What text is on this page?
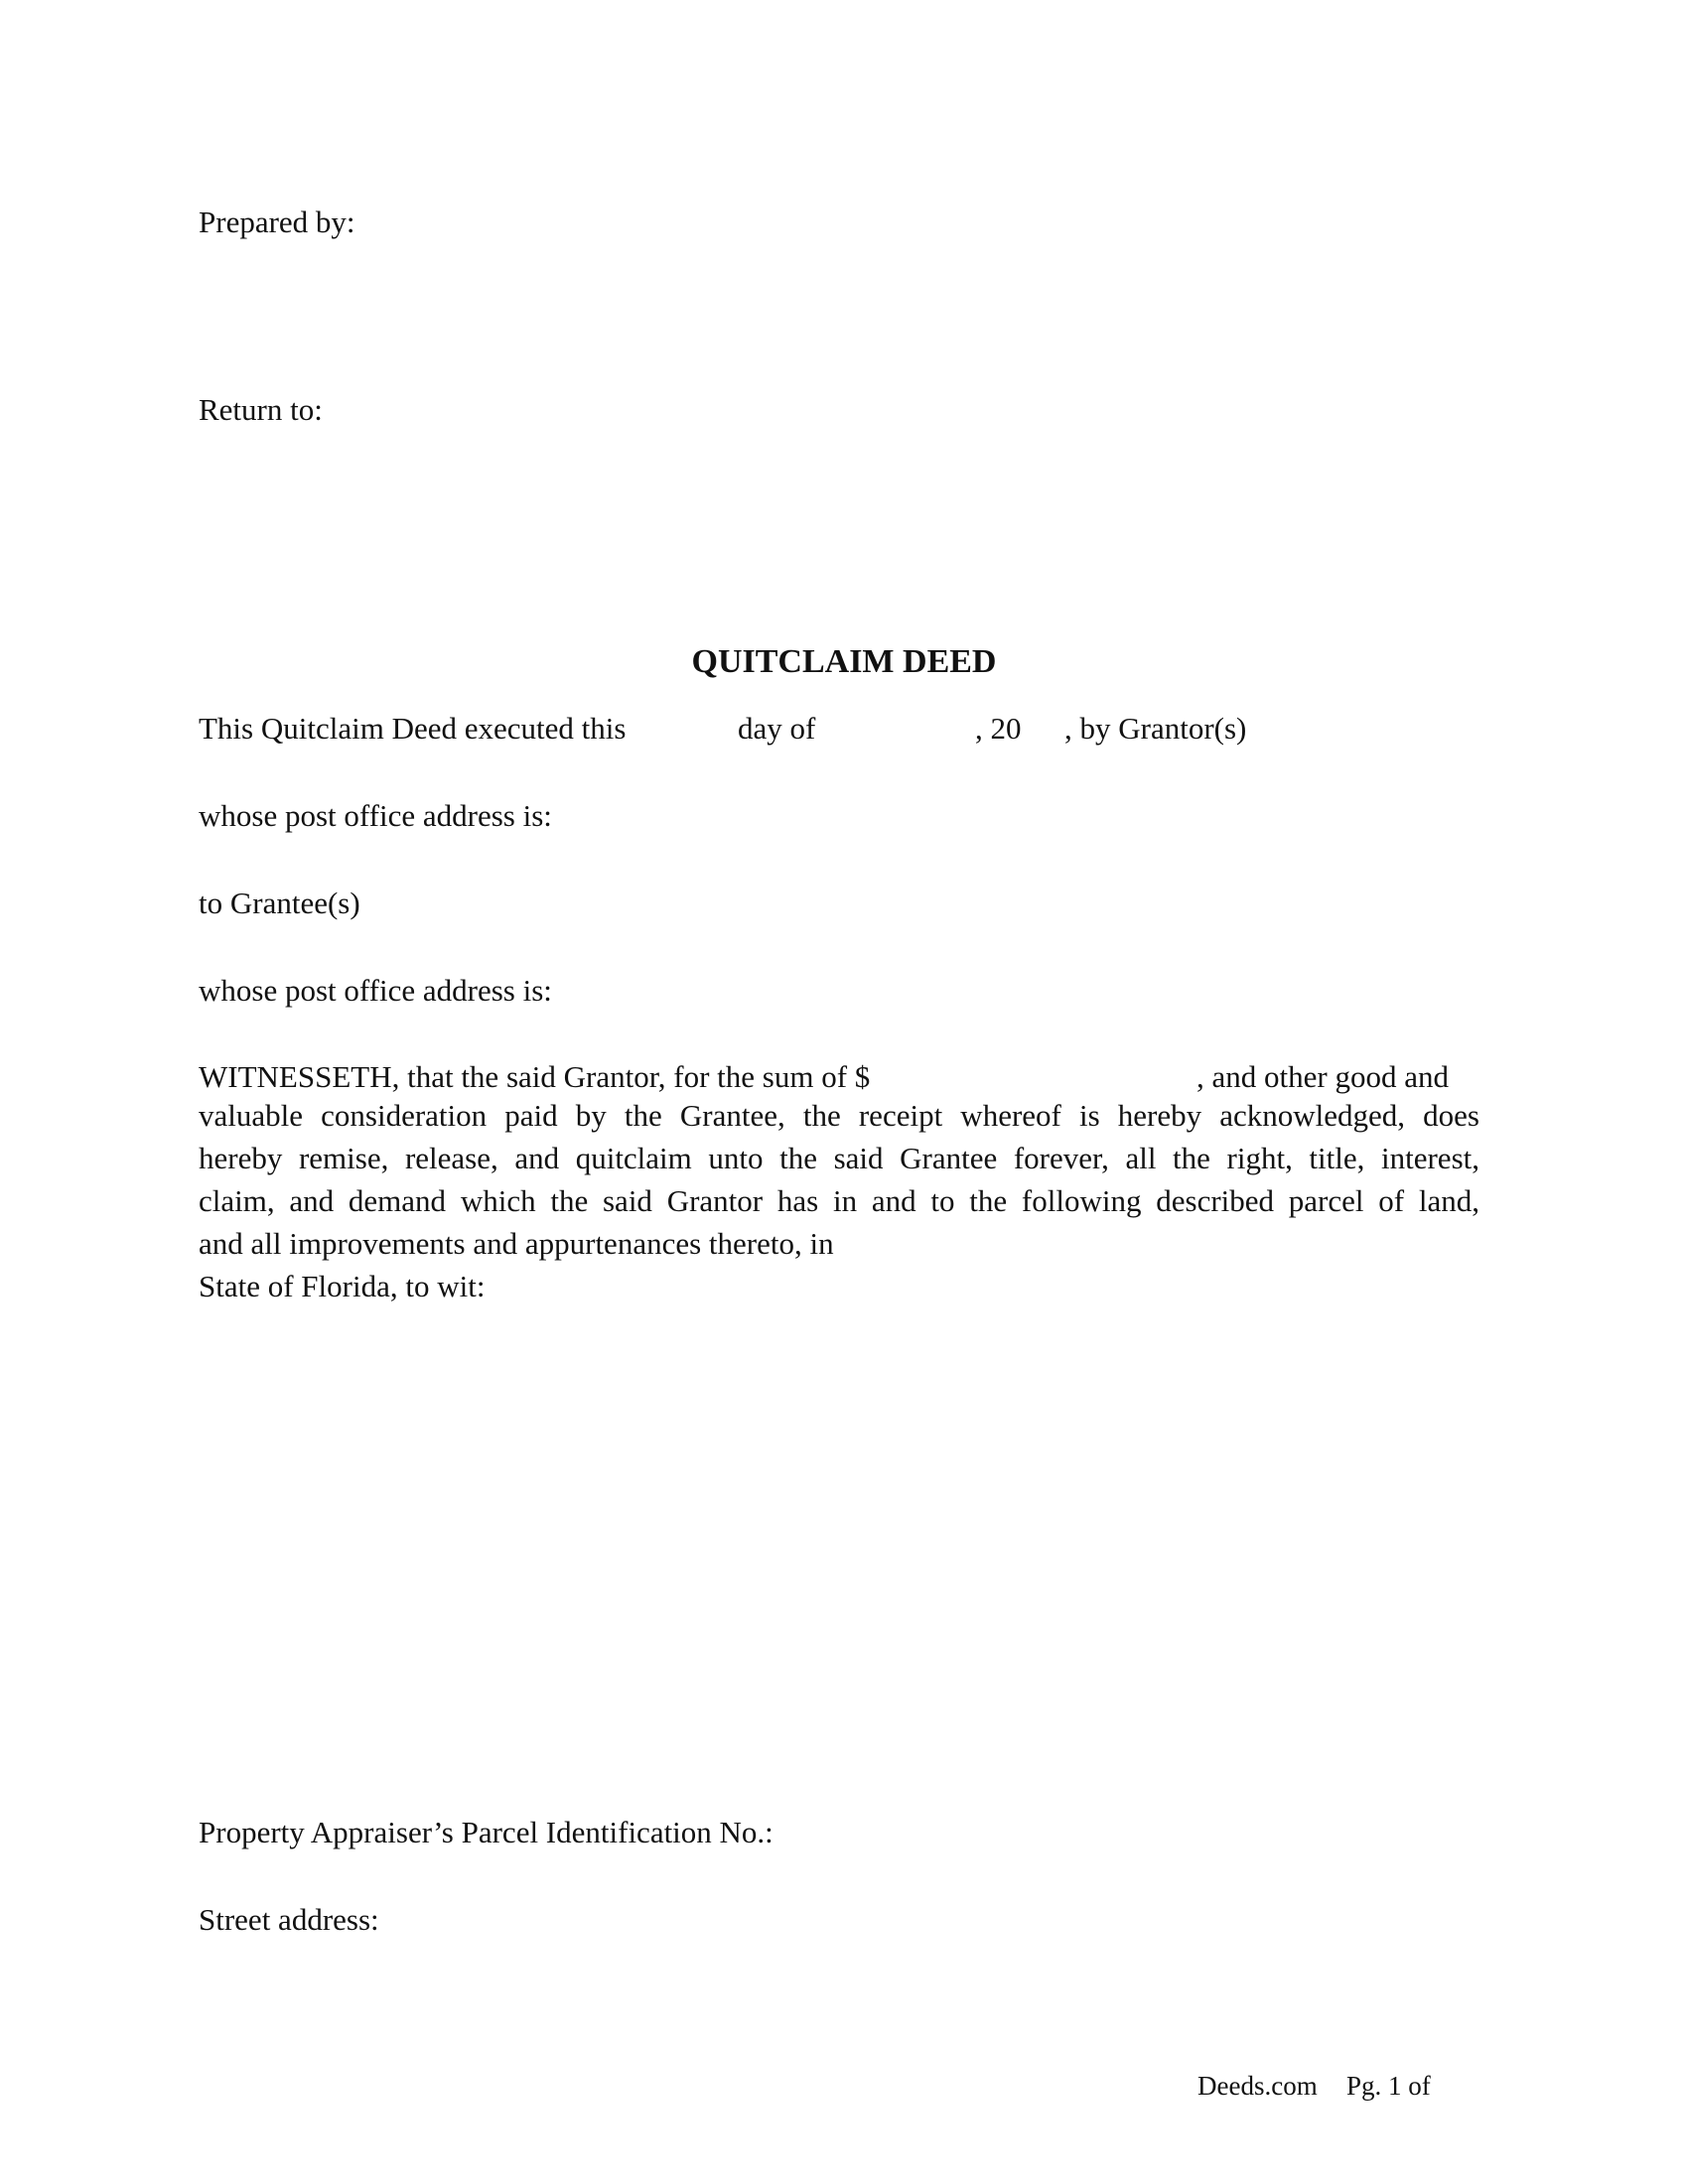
Prepared by:
Return to:
QUITCLAIM DEED
This Quitclaim Deed executed this	day of	, 20 , by Grantor(s)
whose post office address is:
to Grantee(s)
whose post office address is:
WITNESSETH, that the said Grantor, for the sum of $	, and other good and
valuable consideration paid by the Grantee, the receipt whereof is hereby acknowledged, does
hereby remise, release, and quitclaim unto the said Grantee forever, all the right, title, interest,
claim, and demand which the said Grantor has in and to the following described parcel of land,
and all improvements and appurtenances thereto, in
State of Florida, to wit:
Property Appraiser’s Parcel Identification No.:
Street address:
Deeds.com Pg. 1 of
